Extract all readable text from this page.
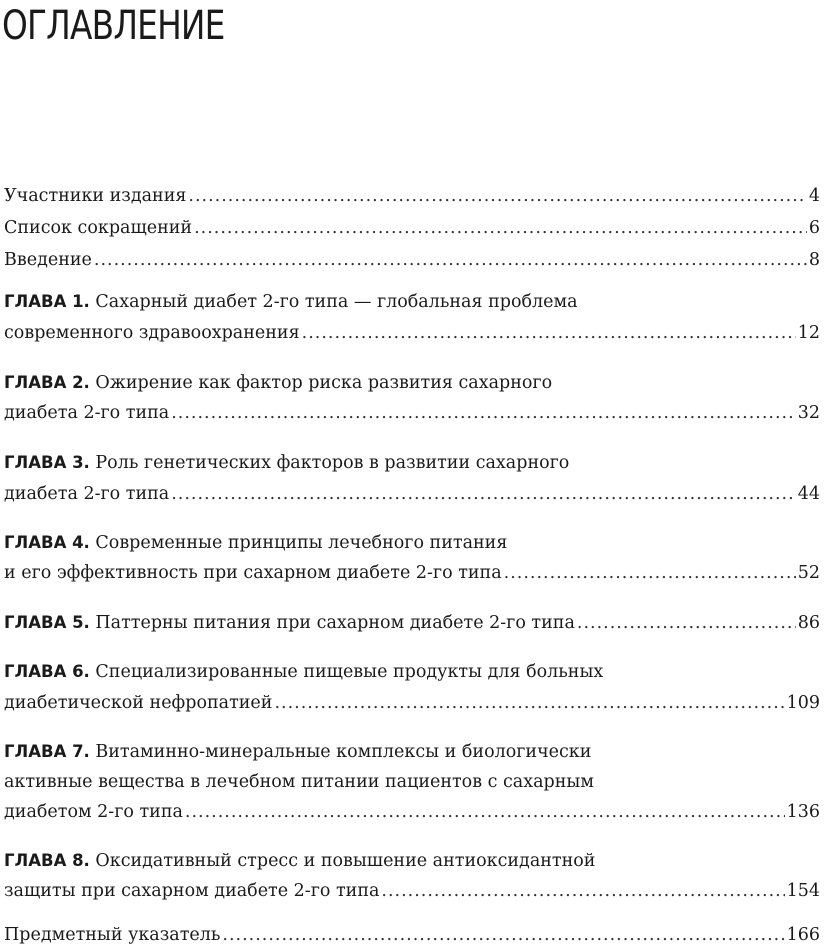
ОГЛАВЛЕНИЕ
Участники издания .....	4
Список сокращений .....	6
Введение .....	8
ГЛАВА 1. Сахарный диабет 2-го типа — глобальная проблема
современного здравоохранения .....	12
ГЛАВА 2. Ожирение как фактор риска развития сахарного
диабета 2-го типа .....	32
ГЛАВА 3. Роль генетических факторов в развитии сахарного
диабета 2-го типа .....	44
ГЛАВА 4. Современные принципы лечебного питания
и его эффективность при сахарном диабете 2-го типа .....	52
ГЛАВА 5. Паттерны питания при сахарном диабете 2-го типа .....	86
ГЛАВА 6. Специализированные пищевые продукты для больных
диабетической нефропатией .....	109
ГЛАВА 7. Витаминно-минеральные комплексы и биологически
активные вещества в лечебном питании пациентов с сахарным
диабетом 2-го типа .....	136
ГЛАВА 8. Оксидативный стресс и повышение антиоксидантной
защиты при сахарном диабете 2-го типа .....	154
Предметный указатель .....	166
